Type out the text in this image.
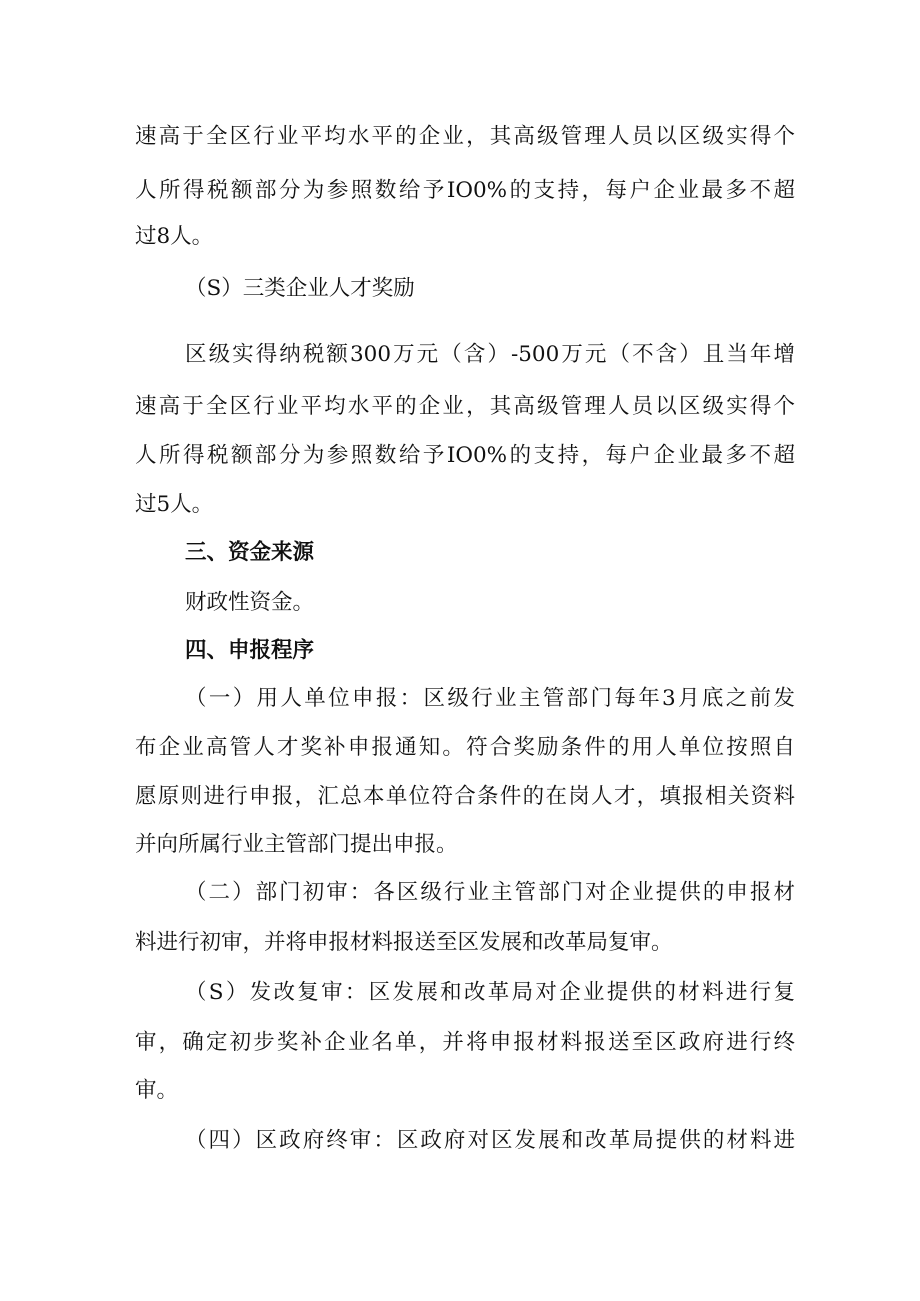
速高于全区行业平均水平的企业，其高级管理人员以区级实得个
人所得税额部分为参照数给予IO0%的支持，每户企业最多不超
过8人。
（S）三类企业人才奖励
区级实得纳税额300万元（含）-500万元（不含）且当年增
速高于全区行业平均水平的企业，其高级管理人员以区级实得个
人所得税额部分为参照数给予IO0%的支持，每户企业最多不超
过5人。
三、资金来源
财政性资金。
四、申报程序
（一）用人单位申报：区级行业主管部门每年3月底之前发
布企业高管人才奖补申报通知。符合奖励条件的用人单位按照自
愿原则进行申报，汇总本单位符合条件的在岗人才，填报相关资料
并向所属行业主管部门提出申报。
（二）部门初审：各区级行业主管部门对企业提供的申报材
料进行初审，并将申报材料报送至区发展和改革局复审。
（S）发改复审：区发展和改革局对企业提供的材料进行复
审，确定初步奖补企业名单，并将申报材料报送至区政府进行终
审。
（四）区政府终审：区政府对区发展和改革局提供的材料进
